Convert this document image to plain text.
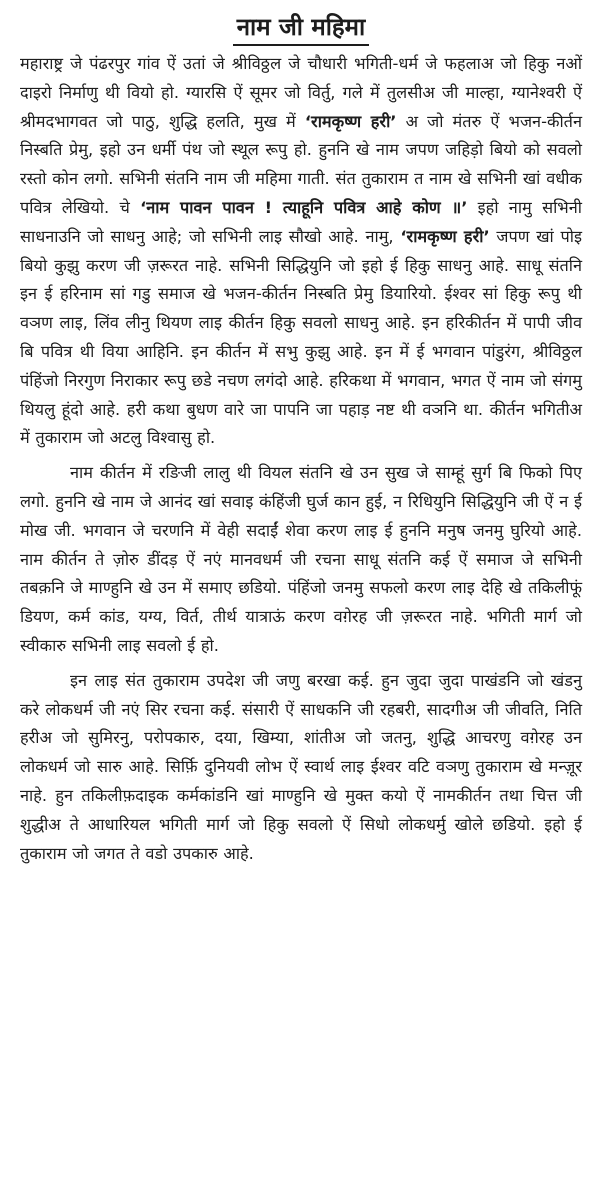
नाम जी महिमा

महाराष्ट्र जे पंढरपुर गांव ऐं उतां जे श्रीविठ्ठल जे चौधारी भगिती-धर्म जे फहलाअ जो हिकु नओं दाइरो निर्माणु थी वियो हो. ग्यारसि ऐं सूमर जो विर्तु, गले में तुलसीअ जी माल्हा, ग्यानेश्वरी ऐं श्रीमदभागवत जो पाठु, शुद्धि हलति, मुख में ‘रामकृष्ण हरी’ अ जो मंतरु ऐं भजन-कीर्तन निस्बति प्रेमु, इहो उन धर्मी पंथ जो स्थूल रूपु हो. हुननि खे नाम जपण जहिड़ो बियो को सवलो रस्तो कोन लगो. सभिनी संतनि नाम जी महिमा गाती. संत तुकाराम त नाम खे सभिनी खां वधीक पवित्र लेखियो. चे ‘नाम पावन पावन ! त्याहूनि पवित्र आहे कोण ॥’ इहो नामु सभिनी साधनाउनि जो साधनु आहे; जो सभिनी लाइ सौखो आहे. नामु, ‘रामकृष्ण हरी’ जपण खां पोइ बियो कुझु करण जी ज़रूरत नाहे. सभिनी सिद्धियुनि जो इहो ई हिकु साधनु आहे. साधू संतनि इन ई हरिनाम सां गडु समाज खे भजन-कीर्तन निस्बति प्रेमु डियारियो. ईश्वर सां हिकु रूपु थी वञण लाइ, लिंव लीनु थियण लाइ कीर्तन हिकु सवलो साधनु आहे. इन हरिकीर्तन में पापी जीव बि पवित्र थी विया आहिनि. इन कीर्तन में सभु कुझु आहे. इन में ई भगवान पांडुरंग, श्रीविठ्ठल पंहिंजो निरगुण निराकार रूपु छडे नचण लगंदो आहे. हरिकथा में भगवान, भगत ऐं नाम जो संगमु थियलु हूंदो आहे. हरी कथा बुधण वारे जा पापनि जा पहाड़ नष्ट थी वञनि था. कीर्तन भगितीअ में तुकाराम जो अटलु विश्वासु हो.

नाम कीर्तन में रङिजी लालु थी वियल संतनि खे उन सुख जे साम्हूं सुर्ग बि फिको पिए लगो. हुननि खे नाम जे आनंद खां सवाइ कंहिंजी घुर्ज कान हुई, न रिधियुनि सिद्धियुनि जी ऐं न ई मोख जी. भगवान जे चरणनि में वेही सदाईं शेवा करण लाइ ई हुननि मनुष जनमु घुरियो आहे. नाम कीर्तन ते ज़ोरु डींदड़ ऐं नएं मानवधर्म जी रचना साधू संतनि कई ऐं समाज जे सभिनी तबक़नि जे माण्हुनि खे उन में समाए छडियो. पंहिंजो जनमु सफलो करण लाइ देहि खे तकिलीफूं डियण, कर्म कांड, यग्य, विर्त, तीर्थ यात्राऊं करण वग़ेरह जी ज़रूरत नाहे. भगिती मार्ग जो स्वीकारु सभिनी लाइ सवलो ई हो.

इन लाइ संत तुकाराम उपदेश जी जणु बरखा कई. हुन जुदा जुदा पाखंडनि जो खंडनु करे लोकधर्म जी नएं सिर रचना कई. संसारी ऐं साधकनि जी रहबरी, सादगीअ जी जीवति, निति हरीअ जो सुमिरनु, परोपकारु, दया, खिम्या, शांतीअ जो जतनु, शुद्धि आचरणु वग़ेरह उन लोकधर्म जो सारु आहे. सिर्फ़ि दुनियवी लोभ ऐं स्वार्थ लाइ ईश्वर वटि वञणु तुकाराम खे मन्ज़ूर नाहे. हुन तकिलीफ़दाइक कर्मकांडनि खां माण्हुनि खे मुक्त कयो ऐं नामकीर्तन तथा चित्त जी शुद्धीअ ते आधारियल भगिती मार्ग जो हिकु सवलो ऐं सिधो लोकधर्मु खोले छडियो. इहो ई तुकाराम जो जगत ते वडो उपकारु आहे.
